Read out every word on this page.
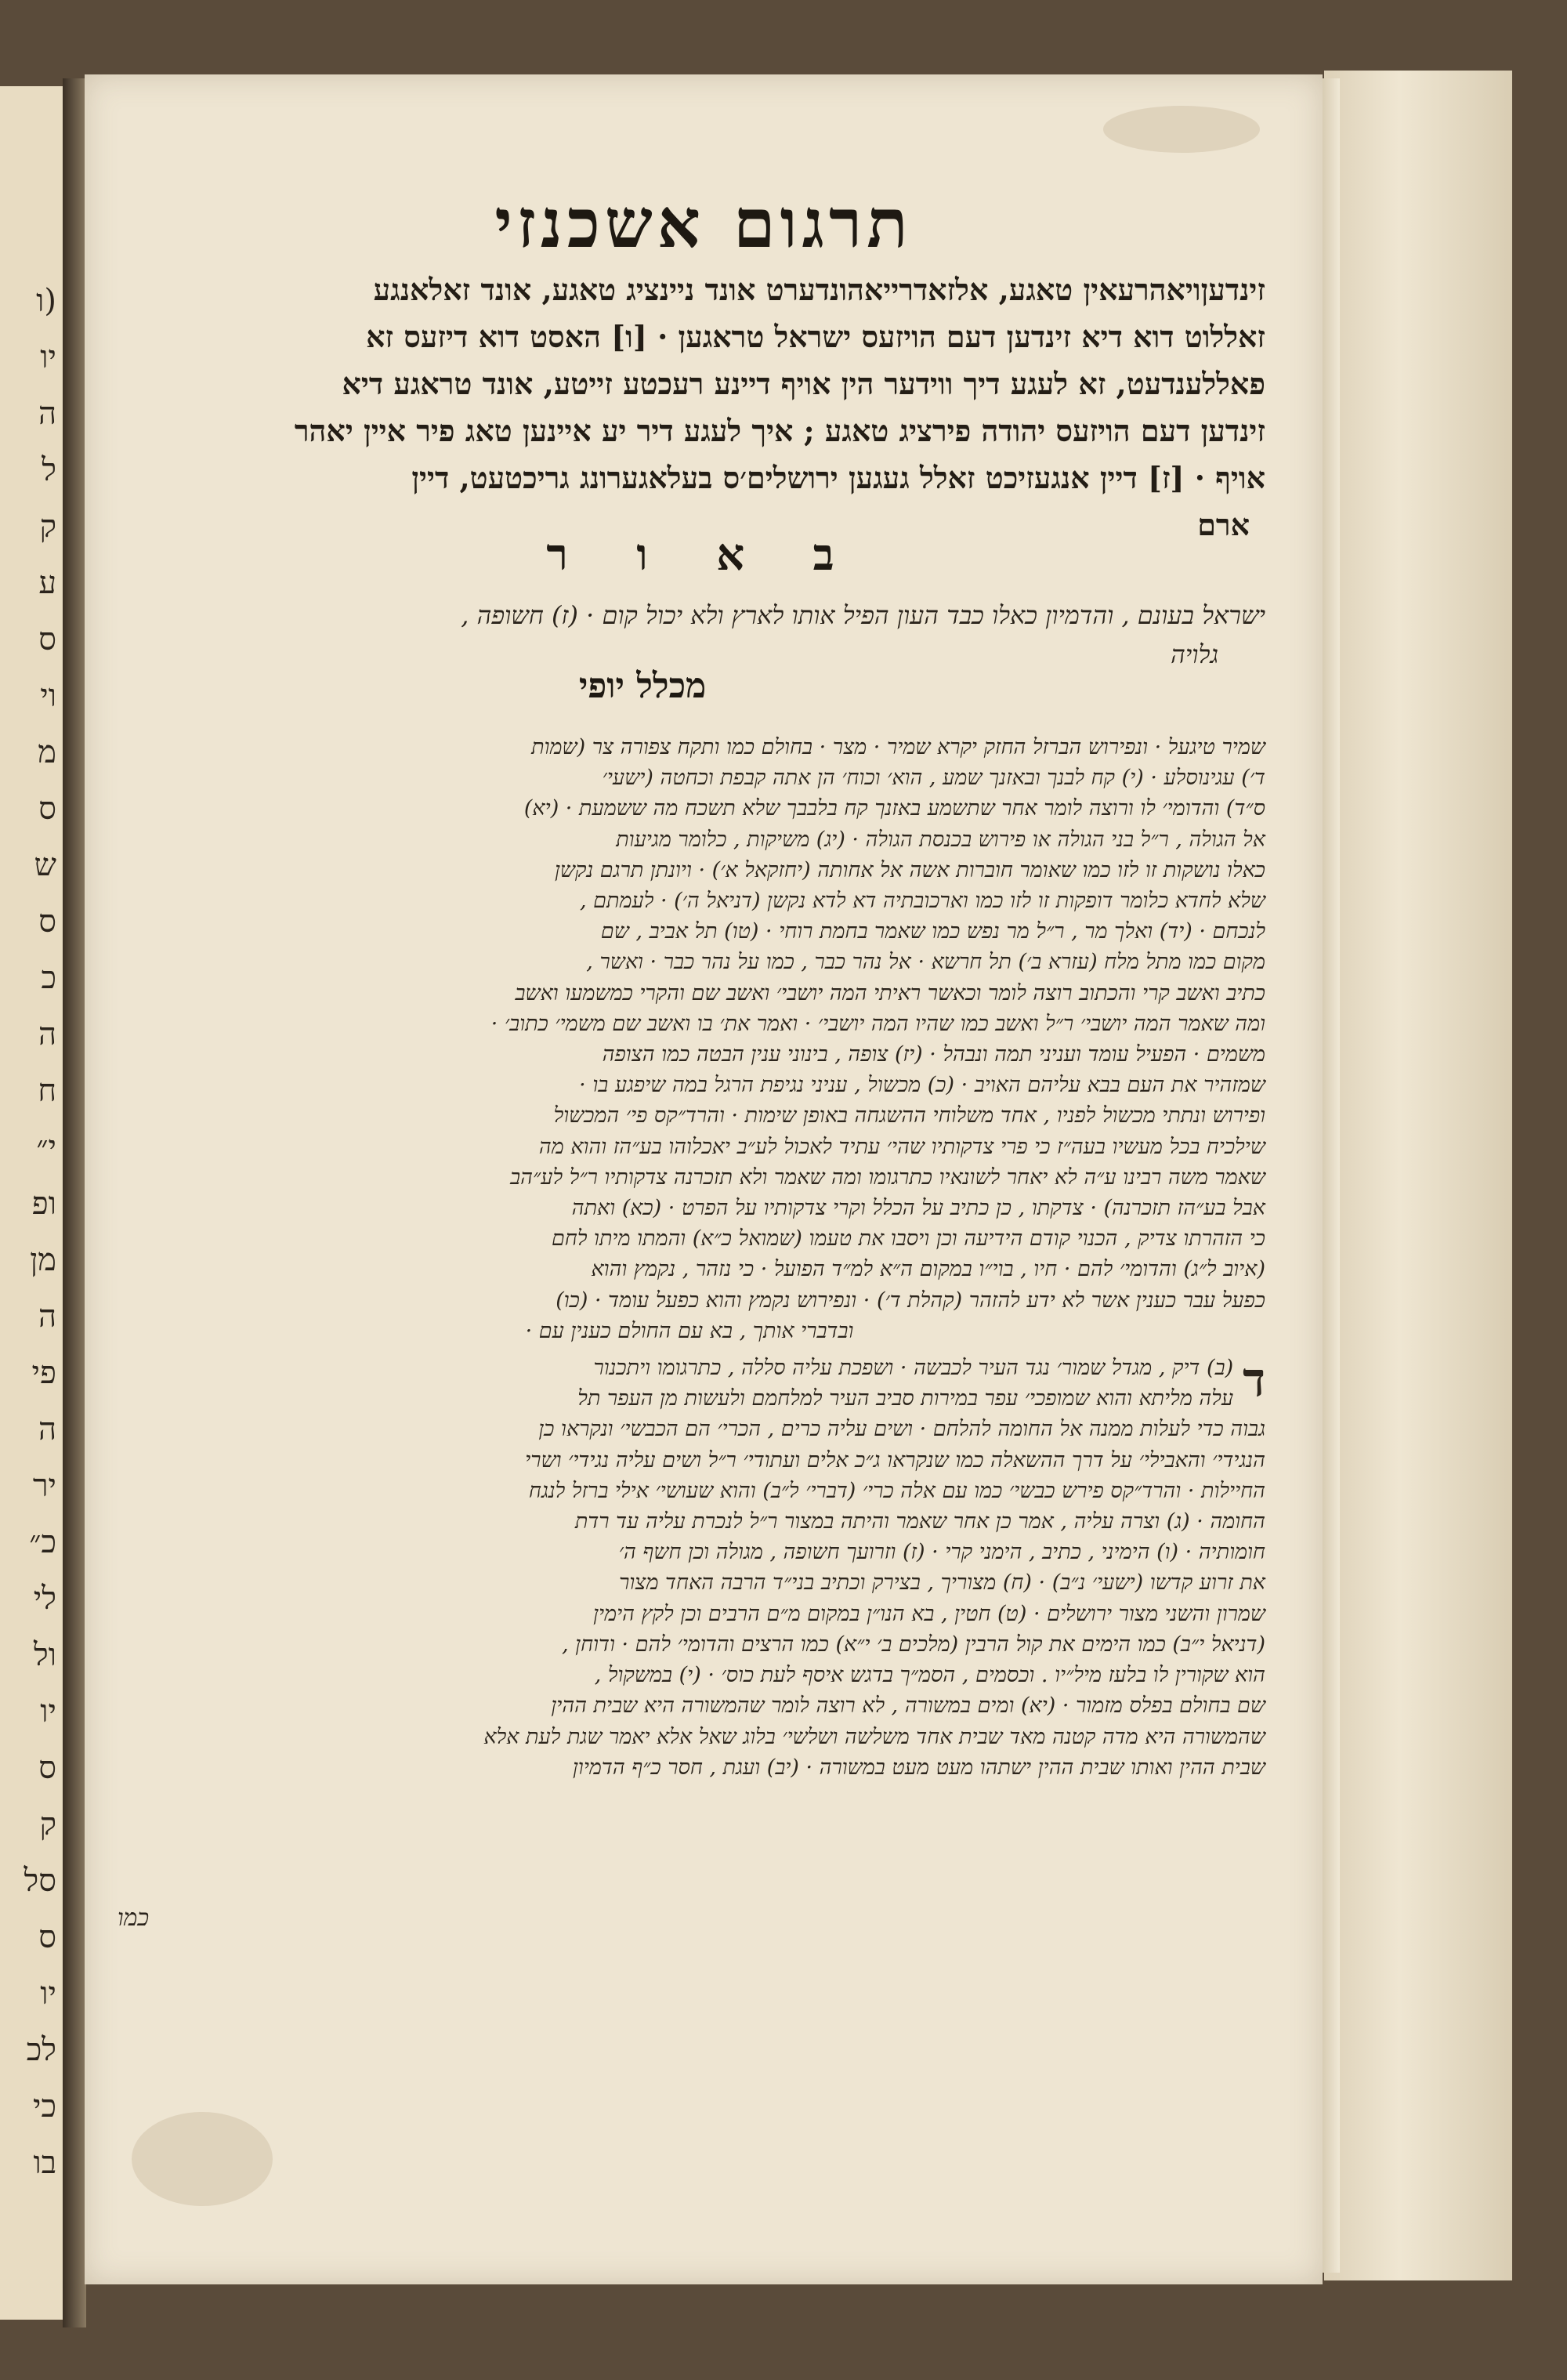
(ו
יו
ה
ל
ק
ע
ס
וי
מ
ס
ש
ס
כ
ה
ח
י״
ופ
מן
ה
פי
ה
יר
כ״
לי
ול
יו
ס
ק
סל
ס
יו
לכ
כי
בו
תרגום אשכנזי

זינדעןויאהרעאין טאגע, אלזאדרייאהונדערט אונד ניינציג טאגע, אונד זאלאנגע

זאללוט דוא דיא זינדען דעם הויזעס ישראל טראגען · [ו] האסט דוא דיזעס זא

פאללענדעט, זא לעגע דיך ווידער הין אויף דיינע רעכטע זייטע, אונד טראגע דיא

זינדען דעם הויזעס יהודה פירציג טאגע ; איך לעגע דיר יע איינען טאג פיר איין יאהר

אויף · [ז] דיין אנגעזיכט זאלל געגען ירושלים׳ס בעלאגערונג גריכטעט, דיין

ארם

ב א ו ר
ישראל בעונם , והדמיון כאלו כבד העון הפיל אותו לארץ ולא יכול קום · (ז) חשופה ,
גלויה
מכלל יופי

שמיר טיגעל · ונפירוש הברזל החזק יקרא שמיר · מצר · בחולם כמו ותקח צפורה צר (שמות

ד׳) עגינוסלע · (י) קח לבנך ובאזנך שמע , הוא׳ וכוח׳ הן אתה קבפת וכחטה (ישעי׳

ס״ד) והדומי׳ לו ורוצה לומר אחר שתשמע באזנך קח בלבבך שלא תשכח מה ששמעת · (יא)

אל הגולה , ר״ל בני הגולה או פירוש בכנסת הגולה · (יג) משיקות , כלומר מגיעות

כאלו נושקות זו לזו כמו שאומר חוברות אשה אל אחותה (יחזקאל א׳) · ויונתן תרגם נקשן

שלא לחדא כלומר דופקות זו לזו כמו וארכובתיה דא לדא נקשן (דניאל ה׳) · לעמתם ,

לנכחם · (יד) ואלך מר , ר״ל מר נפש כמו שאמר בחמת רוחי · (טו) תל אביב , שם

מקום כמו מתל מלח (עזרא ב׳) תל חרשא · אל נהר כבר , כמו על נהר כבר · ואשר ,

כתיב ואשב קרי והכתוב רוצה לומר וכאשר ראיתי המה יושבי׳ ואשב שם והקרי כמשמעו ואשב

ומה שאמר המה יושבי׳ ר״ל ואשב כמו שהיו המה יושבי׳ · ואמר את׳ בו ואשב שם משמי׳ כתוב׳ ·

משמים · הפעיל עומד ועניני תמה ונבהל · (יז) צופה , בינוני ענין הבטה כמו הצופה

שמזהיר את העם בבא עליהם האויב · (כ) מכשול , עניני נגיפת הרגל במה שיפגע בו ·

ופירוש ונתתי מכשול לפניו , אחד משלוחי ההשגחה באופן שימות · והרד״קס פי׳ המכשול

שילכיח בכל מעשיו בעה״ז כי פרי צדקותיו שהי׳ עתיד לאכול לע״ב יאכלוהו בע״הז והוא מה

שאמר משה רבינו ע״ה לא יאחר לשונאיו כתרגומו ומה שאמר ולא תזכרנה צדקותיו ר״ל לע״הב

אבל בע״הז תזכרנה) · צדקתו , כן כתיב על הכלל וקרי צדקותיו על הפרט · (כא) ואתה

כי הזהרתו צדיק , הכנוי קודם הידיעה וכן ויסבו את טעמו (שמואל כ״א) והמתו מיתו לחם

(איוב ל״ג) והדומי׳ להם · חיו , בוי״ו במקום ה״א למ״ד הפועל · כי נזהר , נקמץ והוא

כפעל עבר כענין אשר לא ידע להזהר (קהלת ד׳) · ונפירוש נקמץ והוא כפעל עומד · (כו)

ובדברי אותך , בא עם החולם כענין עם ·

ד

(ב) דיק , מגדל שמור׳ נגד העיר לכבשה · ושפכת עליה סללה , כתרגומו ויתכנור

עלה מליתא והוא שמופכי׳ עפר במירות סביב העיר למלחמם ולעשות מן העפר תל

גבוה כדי לעלות ממנה אל החומה להלחם · ושים עליה כרים , הכרי׳ הם הכבשי׳ ונקראו כן

הנגידי׳ והאבילי׳ על דרך ההשאלה כמו שנקראו ג״כ אלים ועתודי׳ ר״ל ושים עליה נגידי׳ ושרי

החיילות · והרד״קס פירש כבשי׳ כמו עם אלה כרי׳ (דברי׳ ל״ב) והוא שעושי׳ אילי ברזל לנגח

החומה · (ג) וצרה עליה , אמר כן אחר שאמר והיתה במצור ר״ל לנכרת עליה עד רדת

חומותיה · (ו) הימיני , כתיב , הימני קרי · (ז) וזרועך חשופה , מגולה וכן חשף ה׳

את זרוע קדשו (ישעי׳ נ״ב) · (ח) מצוריך , בצירק וכתיב בני״ד הרבה האחד מצור

שמרון והשני מצור ירושלים · (ט) חטין , בא הנו״ן במקום מ״ם הרבים וכן לקץ הימין

(דניאל י״ב) כמו הימים את קול הרבין (מלכים ב׳ י״א) כמו הרצים והדומי׳ להם · ודוחן ,

הוא שקורין לו בלעז מיל״יו . וכסמים , הסמ״ך בדגש איסף לעת כוס׳ · (י) במשקול ,

שם בחולם בפלס מזמור · (יא) ומים במשורה , לא רוצה לומר שהמשורה היא שבית ההין

שהמשורה היא מדה קטנה מאד שבית אחד משלשה ושלשי׳ בלוג שאל אלא יאמר שגת לעת אלא

שבית ההין ואותו שבית ההין ישתהו מעט מעט במשורה · (יב) ועגת , חסר כ״ף הדמיון

כמו
